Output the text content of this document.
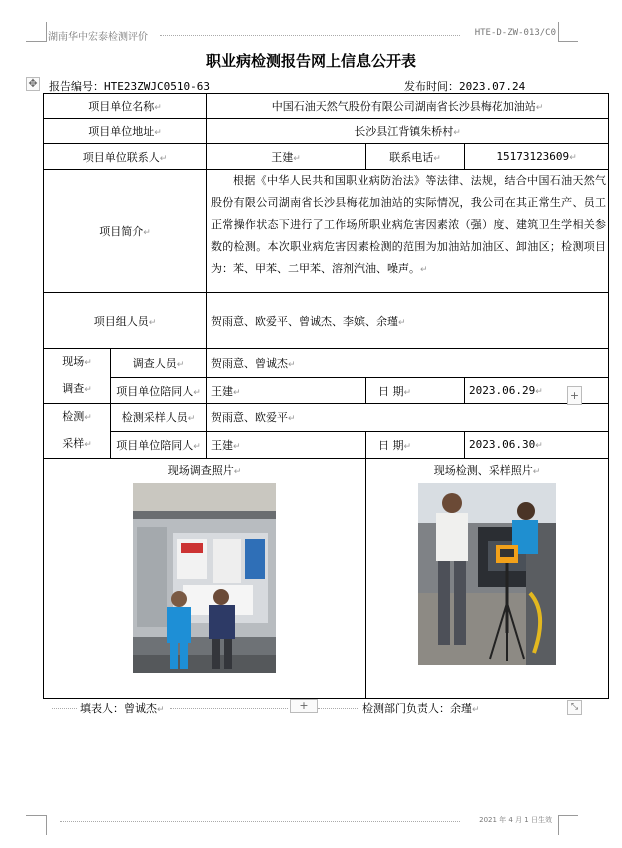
湖南华中宏泰检测评价	HTE-D-ZW-013/C0
职业病检测报告网上信息公开表
✥ 报告编号：HTE23ZWJC0510-63	发布时间：2023.07.24
项目单位名称↵		中国石油天然气股份有限公司湖南省长沙县梅花加油站↵		
项目单位地址↵		长沙县江背镇朱桥村↵		
项目单位联系人↵		王建↵	联系电话↵	15173123609↵
项目简介↵		根据《中华人民共和国职业病防治法》等法律、法规，结合中国石油天然气股份有限公司湖南省长沙县梅花加油站的实际情况，我公司在其正常生产、员工正常操作状态下进行了工作场所职业病危害因素浓（强）度、建筑卫生学相关参数的检测。本次职业病危害因素检测的范围为加油站加油区、卸油区；检测项目为：苯、甲苯、二甲苯、溶剂汽油、噪声。↵		
项目组人员↵		贺雨意、欧爱平、曾诚杰、李嫔、余瑾↵		
现场↵
调查↵	调查人员↵	贺雨意、曾诚杰↵		
	项目单位陪同人↵	王建↵	日 期↵	2023.06.29↵
检测↵
采样↵	检测采样人员↵	贺雨意、欧爱平↵		
	项目单位陪同人↵	王建↵	日 期↵	2023.06.30↵

现场调查照片↵			现场检测、采样照片↵	
+
+	⤡
填表人：曾诚杰↵	检测部门负责人：余瑾↵
2021 年 4 月 1 日生效
